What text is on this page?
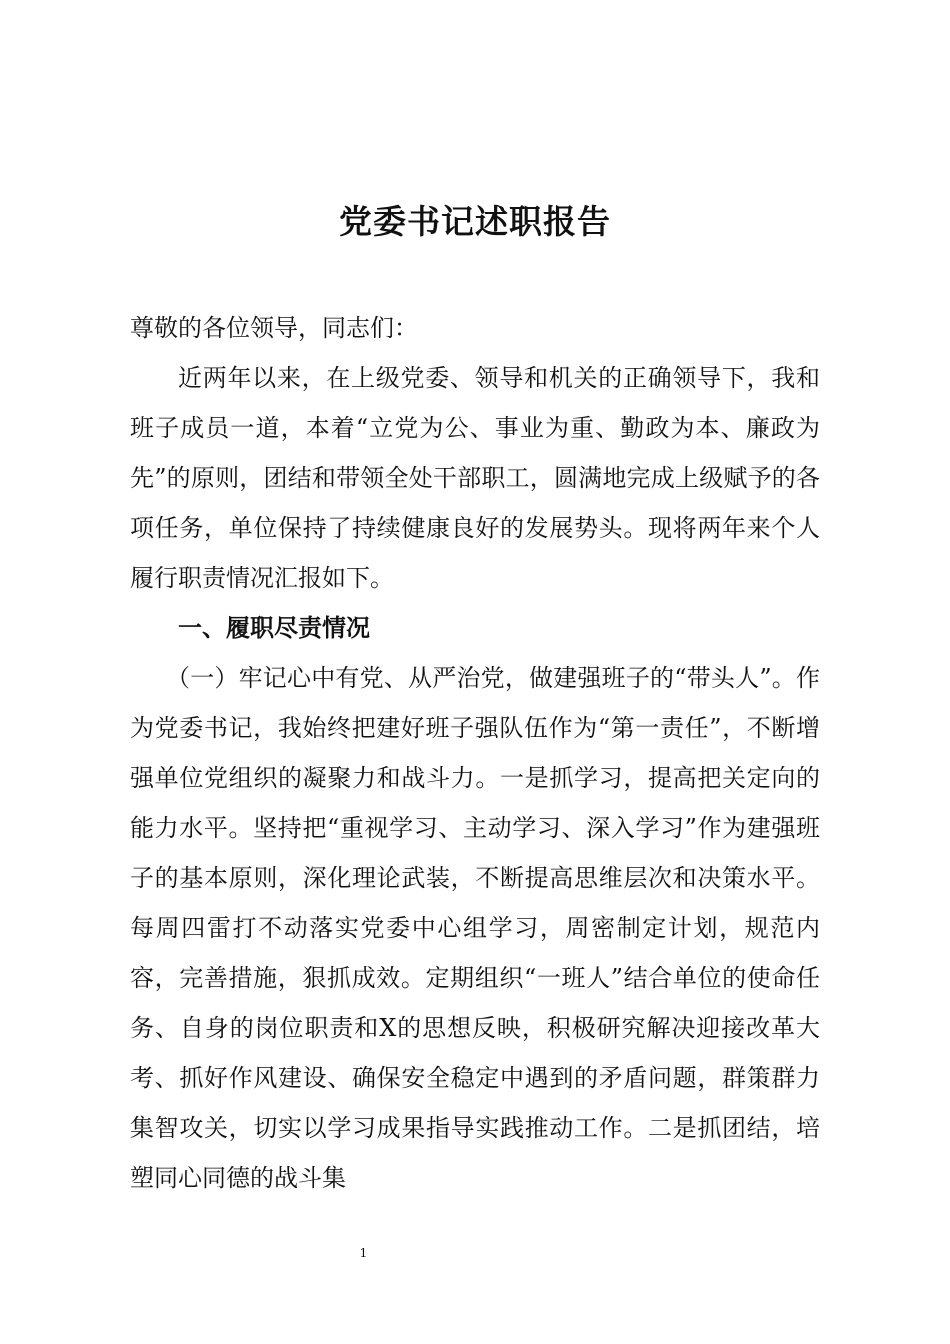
党委书记述职报告

尊敬的各位领导，同志们：

近两年以来，在上级党委、领导和机关的正确领导下，我和班子成员一道，本着“立党为公、事业为重、勤政为本、廉政为先”的原则，团结和带领全处干部职工，圆满地完成上级赋予的各项任务，单位保持了持续健康良好的发展势头。现将两年来个人履行职责情况汇报如下。

一、履职尽责情况

（一）牢记心中有党、从严治党，做建强班子的“带头人”。作为党委书记，我始终把建好班子强队伍作为“第一责任”，不断增强单位党组织的凝聚力和战斗力。一是抓学习，提高把关定向的能力水平。坚持把“重视学习、主动学习、深入学习”作为建强班子的基本原则，深化理论武装，不断提高思维层次和决策水平。每周四雷打不动落实党委中心组学习，周密制定计划，规范内容，完善措施，狠抓成效。定期组织“一班人”结合单位的使命任务、自身的岗位职责和X的思想反映，积极研究解决迎接改革大考、抓好作风建设、确保安全稳定中遇到的矛盾问题，群策群力集智攻关，切实以学习成果指导实践推动工作。二是抓团结，培塑同心同德的战斗集

1
